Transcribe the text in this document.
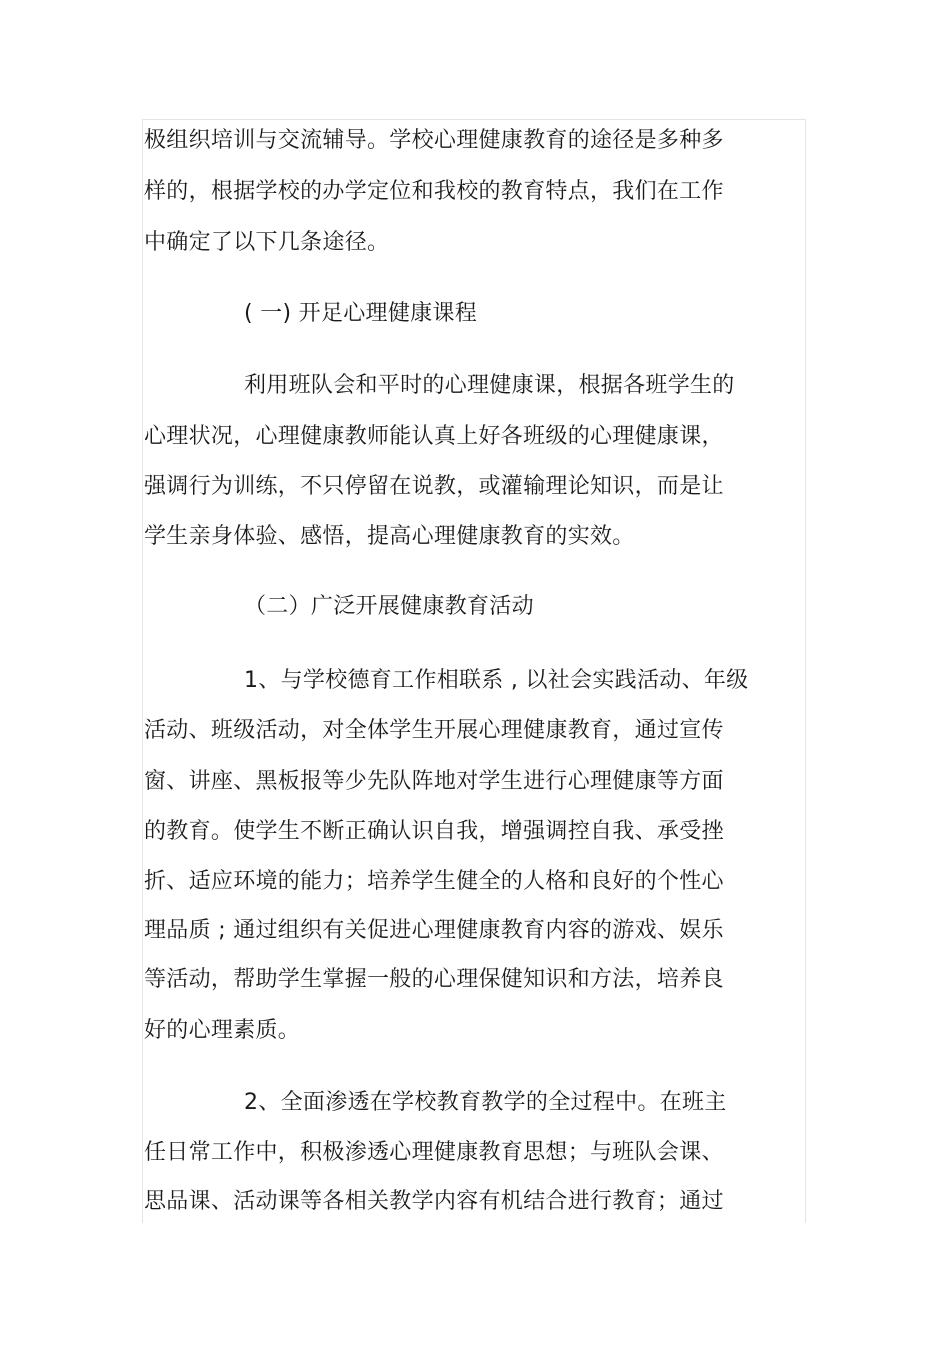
极组织培训与交流辅导。学校心理健康教育的途径是多种多
样的，根据学校的办学定位和我校的教育特点，我们在工作
中确定了以下几条途径。
( 一) 开足心理健康课程
利用班队会和平时的心理健康课，根据各班学生的
心理状况，心理健康教师能认真上好各班级的心理健康课，
强调行为训练，不只停留在说教，或灌输理论知识，而是让
学生亲身体验、感悟，提高心理健康教育的实效。
（二）广泛开展健康教育活动
1、与学校德育工作相联系 , 以社会实践活动、年级
活动、班级活动，对全体学生开展心理健康教育，通过宣传
窗、讲座、黑板报等少先队阵地对学生进行心理健康等方面
的教育。使学生不断正确认识自我，增强调控自我、承受挫
折、适应环境的能力；培养学生健全的人格和良好的个性心
理品质 ; 通过组织有关促进心理健康教育内容的游戏、娱乐
等活动，帮助学生掌握一般的心理保健知识和方法，培养良
好的心理素质。
2、全面渗透在学校教育教学的全过程中。在班主
任日常工作中，积极渗透心理健康教育思想；与班队会课、
思品课、活动课等各相关教学内容有机结合进行教育；通过
